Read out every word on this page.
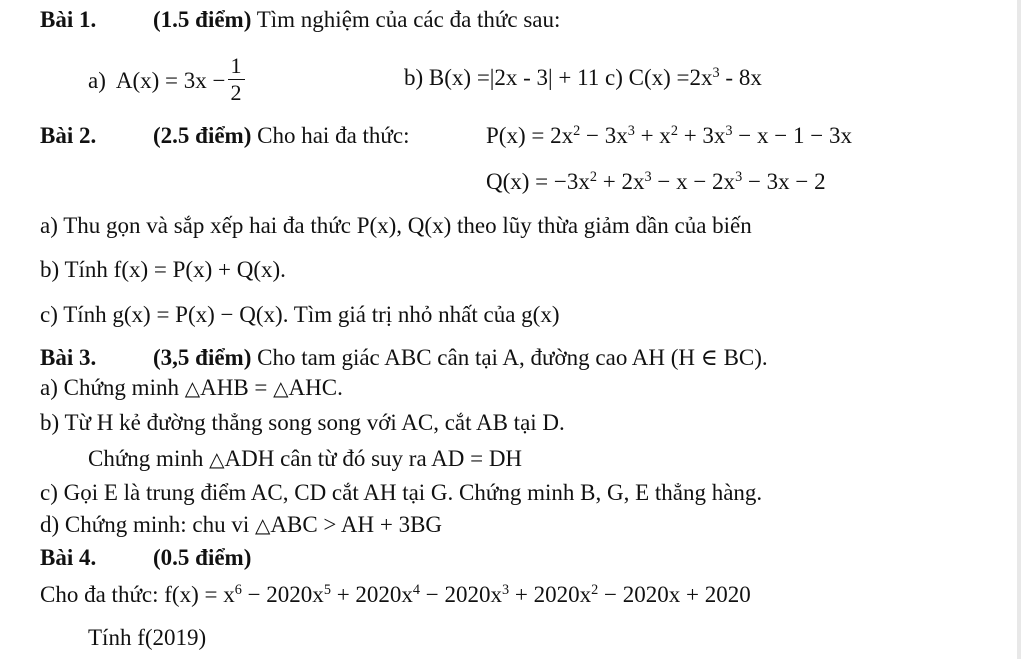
Bài 1. (1.5 điểm) Tìm nghiệm của các đa thức sau:
a) $A(x) = 3x - \frac{1}{2}$	b) B(x) =|2x - 3| + 11 c) $C(x) =2x^3 - 8x$
Bài 2. (2.5 điểm) Cho hai đa thức:	$P(x) = 2x^2 - 3x^3 + x^2 + 3x^3 - x - 1 - 3x$
$Q(x) = -3x^2 + 2x^3 - x - 2x^3 - 3x - 2$
a) Thu gọn và sắp xếp hai đa thức P(x), Q(x) theo lũy thừa giảm dần của biến
b) Tính f(x) = P(x) + Q(x).
c) Tính g(x) = P(x) − Q(x). Tìm giá trị nhỏ nhất của g(x)
Bài 3. (3,5 điểm) Cho tam giác ABC cân tại A, đường cao AH (H ∈ BC).
a) Chứng minh △AHB = △AHC.
b) Từ H kẻ đường thẳng song song với AC, cắt AB tại D.
Chứng minh △ADH cân từ đó suy ra AD = DH
c) Gọi E là trung điểm AC, CD cắt AH tại G. Chứng minh B, G, E thẳng hàng.
d) Chứng minh: chu vi △ABC > AH + 3BG
Bài 4. (0.5 điểm)
Cho đa thức: $f(x) = x^6 - 2020x^5 + 2020x^4 - 2020x^3 + 2020x^2 - 2020x + 2020$
Tính f(2019)
